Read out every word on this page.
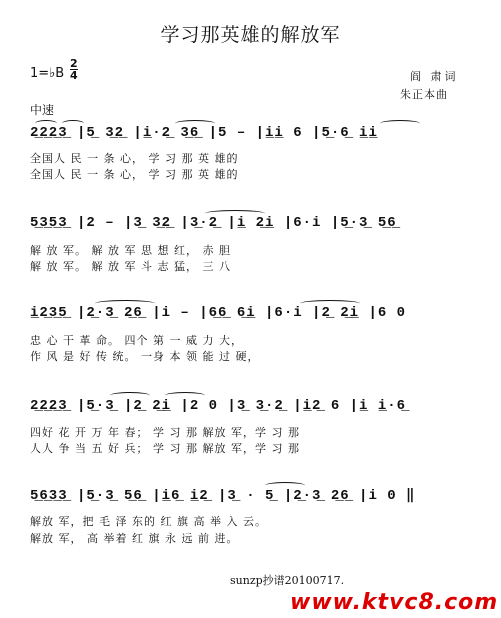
学习那英雄的解放军
1=♭B $\frac{2}{4}$	阎 肃词
朱正本曲
中速
2̲2̲2̲3̲ |5̲ 3̲2̲ |i̲·2̲ 3̲6̲ |5 – |i̲i̲ 6 |5̲·6̲ i̲i̲
全国人 民 一 条 心， 学 习 那 英 雄的
全国人 民 一 条 心， 学 习 那 英 雄的
5̲3̲5̲3̲ |2 – |3̲ 3̲2̲ |3̲·2̲ |i̲ 2̲i̲ |6·i |5̲·3̲ 5̲6̲
解 放 军。 解 放 军 思 想 红， 赤 胆
解 放 军。 解 放 军 斗 志 猛， 三 八
i̲2̲3̲5̲ |2̲·3̲ 2̲6̲ |i – |6̲6̲ 6̲i̲ |6·i |2̲ 2̲i̲ |6 0
忠 心 干 革 命。 四个 第 一 威 力 大，
作 风 是 好 传 统。 一身 本 领 能 过 硬，
2̲2̲2̲3̲ |5̲·3̲ |2̲ 2̲i̲ |2 0 |3̲ 3̲·2̲ |i̲2̲ 6 |i̲ i̲·6̲
四好 花 开 万 年 春； 学 习 那 解放 军，学 习 那
人人 争 当 五 好 兵； 学 习 那 解放 军，学 习 那
5̲6̲3̲3̲ |5̲·3̲ 5̲6̲ |i̲6̲ i̲2̲ |3̲ · 5̲ |2̲·3̲ 2̲6̲ |i 0 ‖
解放 军，把 毛 泽 东的 红 旗 高 举 入 云。
解放 军， 高 举着 红 旗 永 远 前 进。
sunzp抄谱20100717.
www.ktvc8.com
